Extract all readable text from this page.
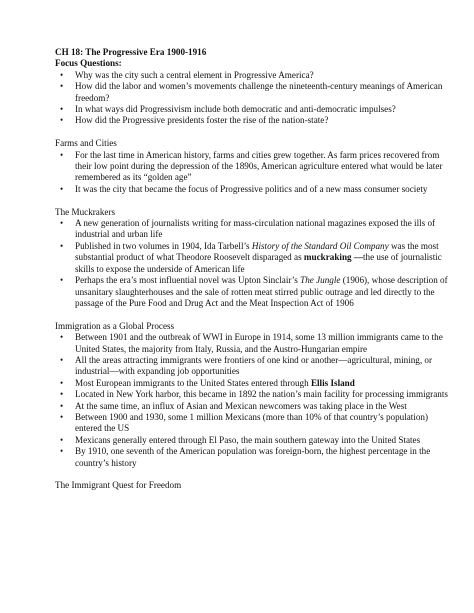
CH 18: The Progressive Era 1900-1916

Focus Questions:

• Why was the city such a central element in Progressive America?
• How did the labor and women’s movements challenge the nineteenth-century meanings of American freedom?
• In what ways did Progressivism include both democratic and anti-democratic impulses?
• How did the Progressive presidents foster the rise of the nation-state?

Farms and Cities

• For the last time in American history, farms and cities grew together. As farm prices recovered from their low point during the depression of the 1890s, American agriculture entered what would be later remembered as its “golden age”
• It was the city that became the focus of Progressive politics and of a new mass consumer society

The Muckrakers

• A new generation of journalists writing for mass-circulation national magazines exposed the ills of industrial and urban life
• Published in two volumes in 1904, Ida Tarbell’s History of the Standard Oil Company was the most substantial product of what Theodore Roosevelt disparaged as muckraking —the use of journalistic skills to expose the underside of American life
• Perhaps the era’s most influential novel was Upton Sinclair’s The Jungle (1906), whose description of unsanitary slaughterhouses and the sale of rotten meat stirred public outrage and led directly to the passage of the Pure Food and Drug Act and the Meat Inspection Act of 1906

Immigration as a Global Process

• Between 1901 and the outbreak of WWI in Europe in 1914, some 13 million immigrants came to the United States, the majority from Italy, Russia, and the Austro-Hungarian empire
• All the areas attracting immigrants were frontiers of one kind or another—agricultural, mining, or industrial—with expanding job opportunities
• Most European immigrants to the United States entered through Ellis Island
• Located in New York harbor, this became in 1892 the nation’s main facility for processing immigrants
• At the same time, an influx of Asian and Mexican newcomers was taking place in the West
• Between 1900 and 1930, some 1 million Mexicans (more than 10% of that country’s population) entered the US
• Mexicans generally entered through El Paso, the main southern gateway into the United States
• By 1910, one seventh of the American population was foreign-born, the highest percentage in the country’s history

The Immigrant Quest for Freedom
